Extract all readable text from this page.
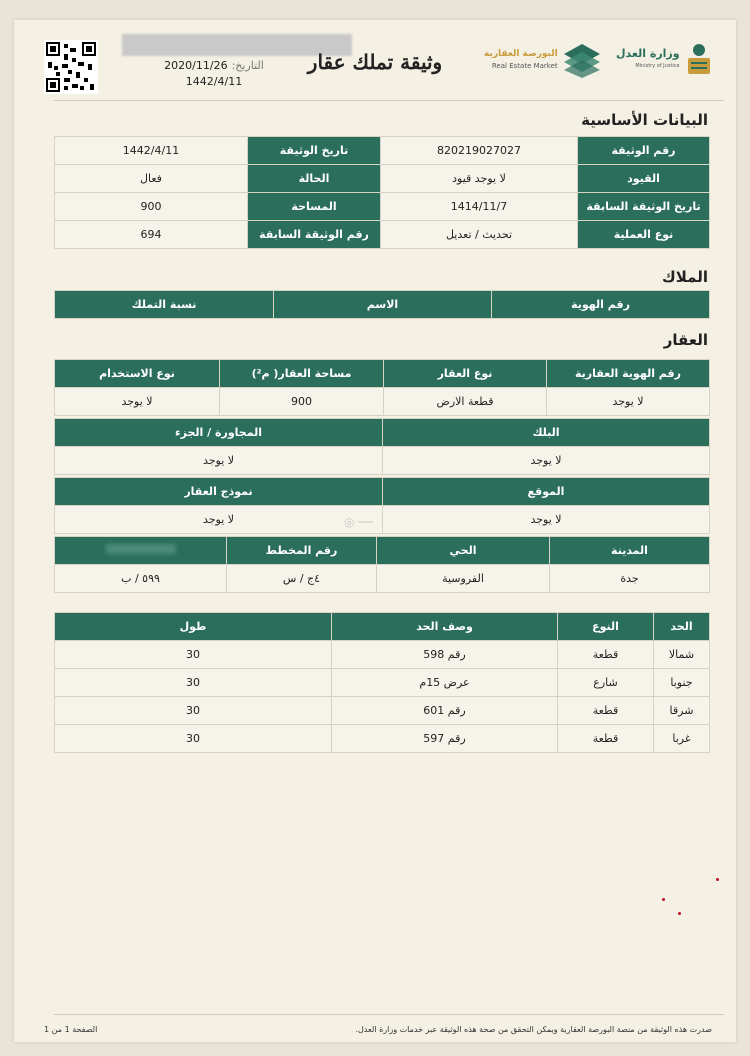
التاريخ:
2020/11/26
1442/4/11
وثيقة تملك عقار	البورصة العقارية
Real Estate Market
وزارة العدل
Ministry of Justice
البيانات الأساسية
رقم الوثيقة	820219027027	تاريخ الوثيقة	1442/4/11
القيود	لا يوجد قيود	الحالة	فعال
تاريخ الوثيقة السابقة	1414/11/7	المساحة	900
نوع العملية	تحديث / تعديل	رقم الوثيقة السابقة	694
الملاك
رقم الهوية	الاسم	نسبة التملك
العقار
رقم الهوية العقارية	نوع العقار	مساحة العقار( م²)	نوع الاستخدام
لا يوجد	قطعة الارض	900	لا يوجد
البلك	المجاورة / الجزء
لا يوجد	لا يوجد
الموقع	نموذج العقار
لا يوجد	لا يوجد	◎ ──
المدينة	الحي	رقم المخطط	
جدة	الفروسية	٤ج / س	٥٩٩ / ب
الحد	النوع	وصف الحد	طول
شمالا	قطعة	رقم 598	30
جنوبا	شارع	عرض 15م	30
شرقا	قطعة	رقم 601	30
غربا	قطعة	رقم 597	30
صدرت هذه الوثيقة من منصة البورصة العقارية ويمكن التحقق من صحة هذه الوثيقة عبر خدمات وزارة العدل.
الصفحة 1 من 1
